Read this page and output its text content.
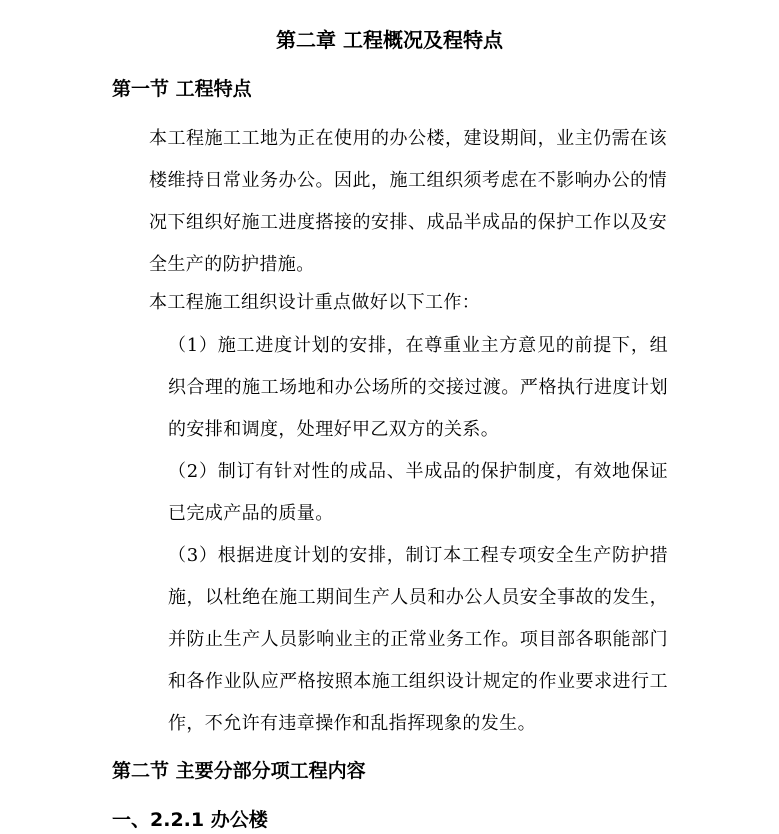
第二章 工程概况及程特点
第一节 工程特点

本工程施工工地为正在使用的办公楼，建设期间，业主仍需在该楼维持日常业务办公。因此，施工组织须考虑在不影响办公的情况下组织好施工进度搭接的安排、成品半成品的保护工作以及安全生产的防护措施。

本工程施工组织设计重点做好以下工作：

（1）施工进度计划的安排，在尊重业主方意见的前提下，组织合理的施工场地和办公场所的交接过渡。严格执行进度计划的安排和调度，处理好甲乙双方的关系。

（2）制订有针对性的成品、半成品的保护制度，有效地保证已完成产品的质量。

（3）根据进度计划的安排，制订本工程专项安全生产防护措施，以杜绝在施工期间生产人员和办公人员安全事故的发生，并防止生产人员影响业主的正常业务工作。项目部各职能部门和各作业队应严格按照本施工组织设计规定的作业要求进行工作，不允许有违章操作和乱指挥现象的发生。

第二节 主要分部分项工程内容
一、2.2.1 办公楼
